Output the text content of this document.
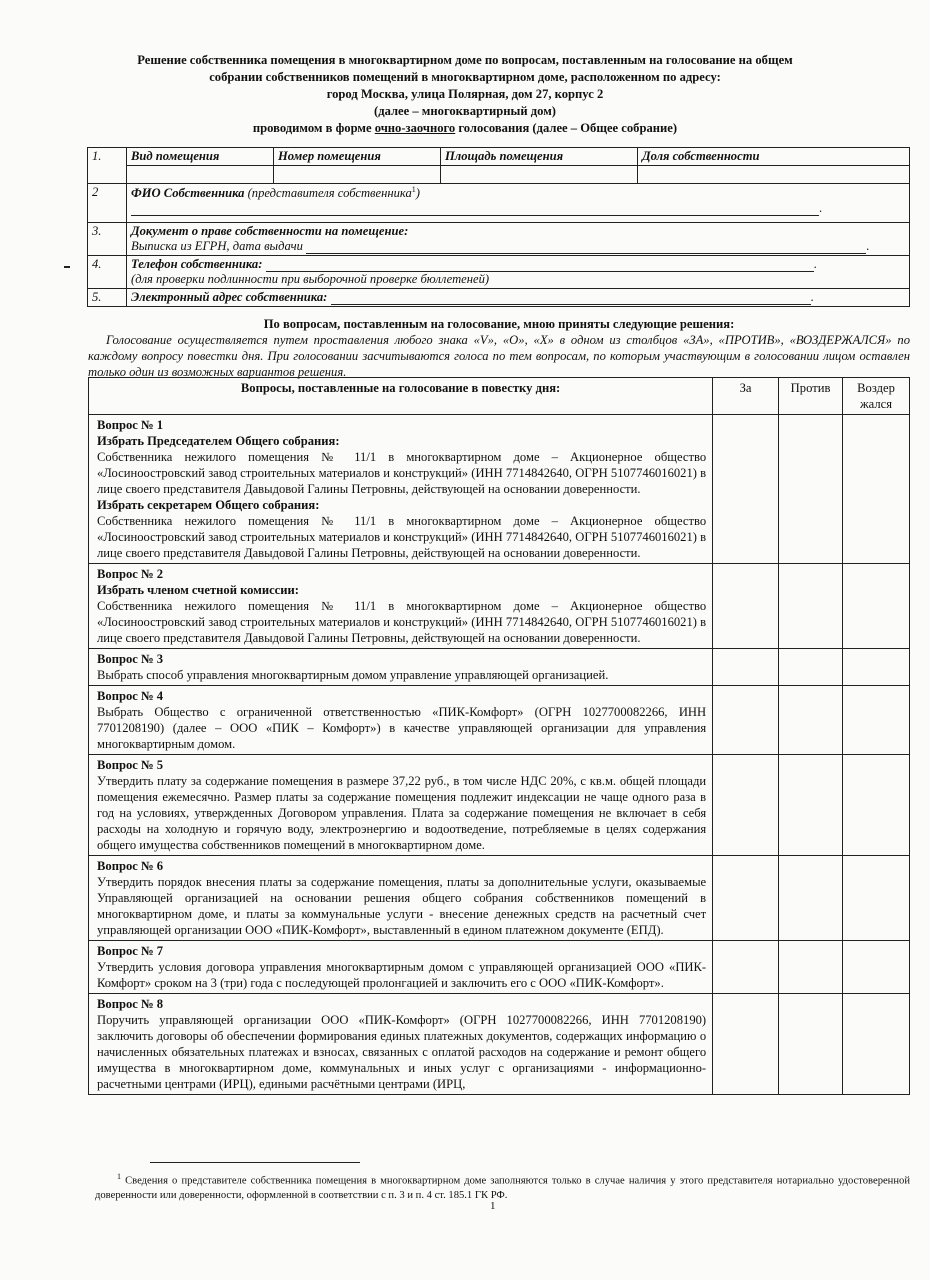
Решение собственника помещения в многоквартирном доме по вопросам, поставленным на голосование на общем
собрании собственников помещений в многоквартирном доме, расположенном по адресу:
город Москва, улица Полярная, дом 27, корпус 2
(далее – многоквартирный дом)
проводимом в форме очно-заочного голосования (далее – Общее собрание)
1.	Вид помещения	Номер помещения	Площадь помещения	Доля собственности

2	ФИО Собственника (представителя собственника$^1$)
.			
3.	Документ о праве собственности на помещение:
Выписка из ЕГРН, дата выдачи .			
4.	Телефон собственника: .
(для проверки подлинности при выборочной проверке бюллетеней)			
5.	Электронный адрес собственника: .			
По вопросам, поставленным на голосование, мною приняты следующие решения:
Голосование осуществляется путем проставления любого знака «V», «О», «X» в одном из столбцов «ЗА», «ПРОТИВ», «ВОЗДЕРЖАЛСЯ» по каждому вопросу повестки дня. При голосовании засчитываются голоса по тем вопросам, по которым участвующим в голосовании лицом оставлен только один из возможных вариантов решения.
Вопросы, поставленные на голосование в повестку дня:	За	Против	Воздер жался

Вопрос № 1
Избрать Председателем Общего собрания:
Собственника нежилого помещения № 11/1 в многоквартирном доме – Акционерное общество «Лосиноостровский завод строительных материалов и конструкций» (ИНН 7714842640, ОГРН 5107746016021) в лице своего представителя Давыдовой Галины Петровны, действующей на основании доверенности.
Избрать секретарем Общего собрания:
Собственника нежилого помещения № 11/1 в многоквартирном доме – Акционерное общество «Лосиноостровский завод строительных материалов и конструкций» (ИНН 7714842640, ОГРН 5107746016021) в лице своего представителя Давыдовой Галины Петровны, действующей на основании доверенности.			

Вопрос № 2
Избрать членом счетной комиссии:
Собственника нежилого помещения № 11/1 в многоквартирном доме – Акционерное общество «Лосиноостровский завод строительных материалов и конструкций» (ИНН 7714842640, ОГРН 5107746016021) в лице своего представителя Давыдовой Галины Петровны, действующей на основании доверенности.			

Вопрос № 3
Выбрать способ управления многоквартирным домом управление управляющей организацией.			

Вопрос № 4
Выбрать Общество с ограниченной ответственностью «ПИК-Комфорт» (ОГРН 1027700082266, ИНН 7701208190) (далее – ООО «ПИК – Комфорт») в качестве управляющей организации для управления многоквартирным домом.			

Вопрос № 5
Утвердить плату за содержание помещения в размере 37,22 руб., в том числе НДС 20%, с кв.м. общей площади помещения ежемесячно. Размер платы за содержание помещения подлежит индексации не чаще одного раза в год на условиях, утвержденных Договором управления. Плата за содержание помещения не включает в себя расходы на холодную и горячую воду, электроэнергию и водоотведение, потребляемые в целях содержания общего имущества собственников помещений в многоквартирном доме.			

Вопрос № 6
Утвердить порядок внесения платы за содержание помещения, платы за дополнительные услуги, оказываемые Управляющей организацией на основании решения общего собрания собственников помещений в многоквартирном доме, и платы за коммунальные услуги - внесение денежных средств на расчетный счет управляющей организации ООО «ПИК-Комфорт», выставленный в едином платежном документе (ЕПД).			

Вопрос № 7
Утвердить условия договора управления многоквартирным домом с управляющей организацией ООО «ПИК-Комфорт» сроком на 3 (три) года с последующей пролонгацией и заключить его с ООО «ПИК-Комфорт».			

Вопрос № 8
Поручить управляющей организации ООО «ПИК-Комфорт» (ОГРН 1027700082266, ИНН 7701208190) заключить договоры об обеспечении формирования единых платежных документов, содержащих информацию о начисленных обязательных платежах и взносах, связанных с оплатой расходов на содержание и ремонт общего имущества в многоквартирном доме, коммунальных и иных услуг с организациями - информационно-расчетными центрами (ИРЦ), едиными расчётными центрами (ИРЦ,			

$^1$ Сведения о представителе собственника помещения в многоквартирном доме заполняются только в случае наличия у этого представителя нотариально удостоверенной доверенности или доверенности, оформленной в соответствии с п. 3 и п. 4 ст. 185.1 ГК РФ.
1
